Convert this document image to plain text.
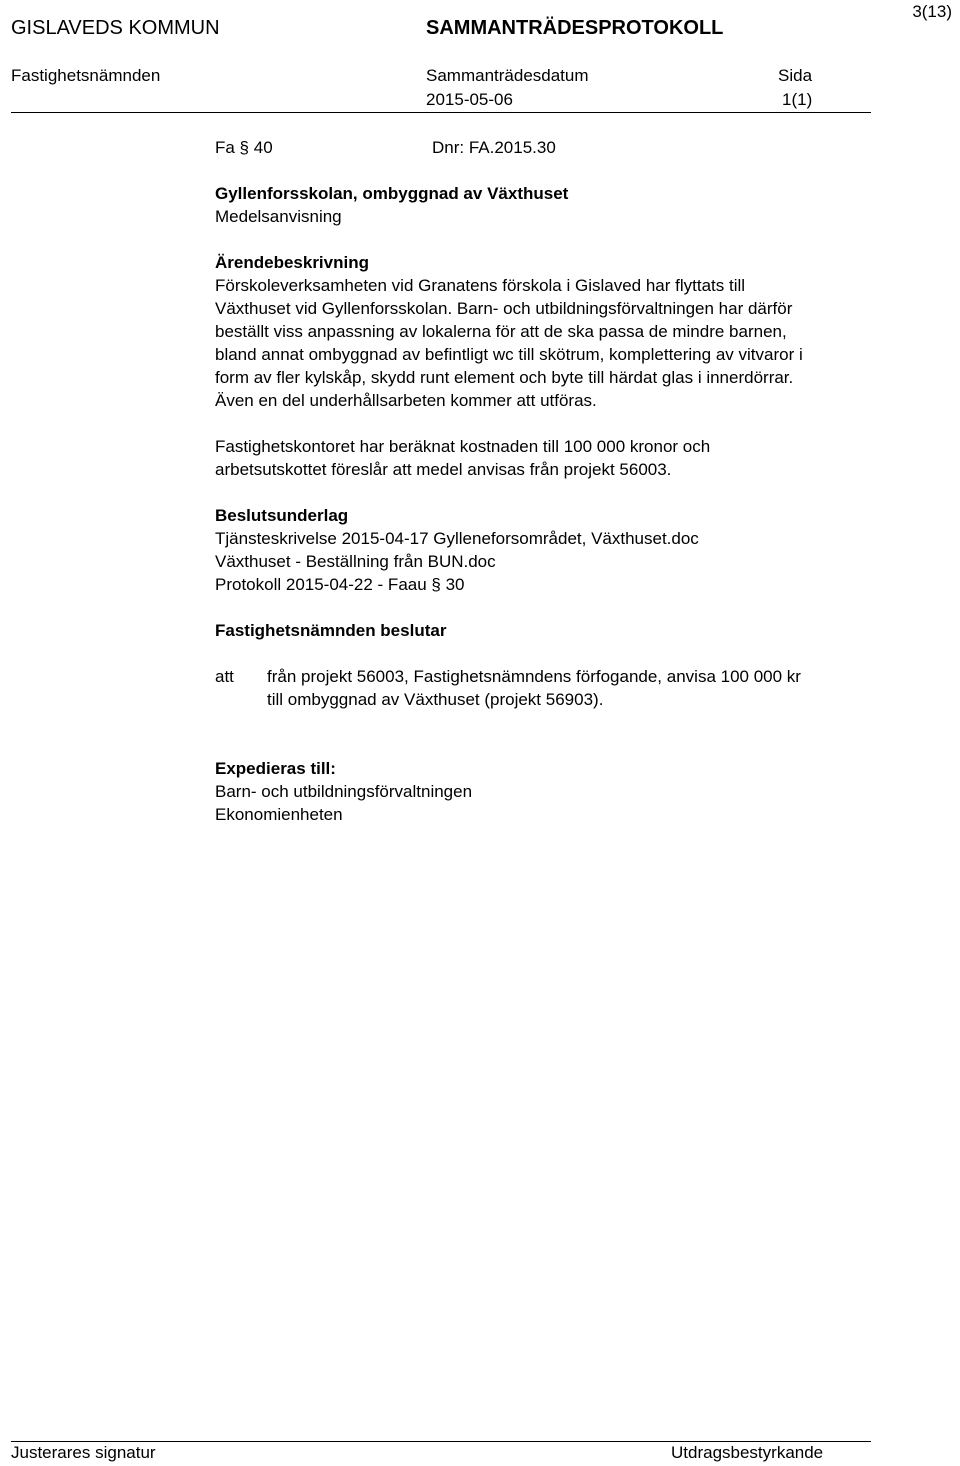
3(13)
GISLAVEDS KOMMUN	SAMMANTRÄDESPROTOKOLL
Fastighetsnämnden	Sammanträdesdatum	Sida
2015-05-06	1(1)
Fa § 40	Dnr: FA.2015.30

Gyllenforsskolan, ombyggnad av Växthuset

Medelsanvisning

Ärendebeskrivning

Förskoleverksamheten vid Granatens förskola i Gislaved har flyttats till

Växthuset vid Gyllenforsskolan. Barn- och utbildningsförvaltningen har därför

beställt viss anpassning av lokalerna för att de ska passa de mindre barnen,

bland annat ombyggnad av befintligt wc till skötrum, komplettering av vitvaror i

form av fler kylskåp, skydd runt element och byte till härdat glas i innerdörrar.

Även en del underhållsarbeten kommer att utföras.

Fastighetskontoret har beräknat kostnaden till 100 000 kronor och

arbetsutskottet föreslår att medel anvisas från projekt 56003.

Beslutsunderlag

Tjänsteskrivelse 2015-04-17 Gylleneforsområdet, Växthuset.doc

Växthuset - Beställning från BUN.doc

Protokoll 2015-04-22 - Faau § 30

Fastighetsnämnden beslutar

att från projekt 56003, Fastighetsnämndens förfogande, anvisa 100 000 kr

till ombyggnad av Växthuset (projekt 56903).

Expedieras till:

Barn- och utbildningsförvaltningen

Ekonomienheten

Justerares signatur	Utdragsbestyrkande
